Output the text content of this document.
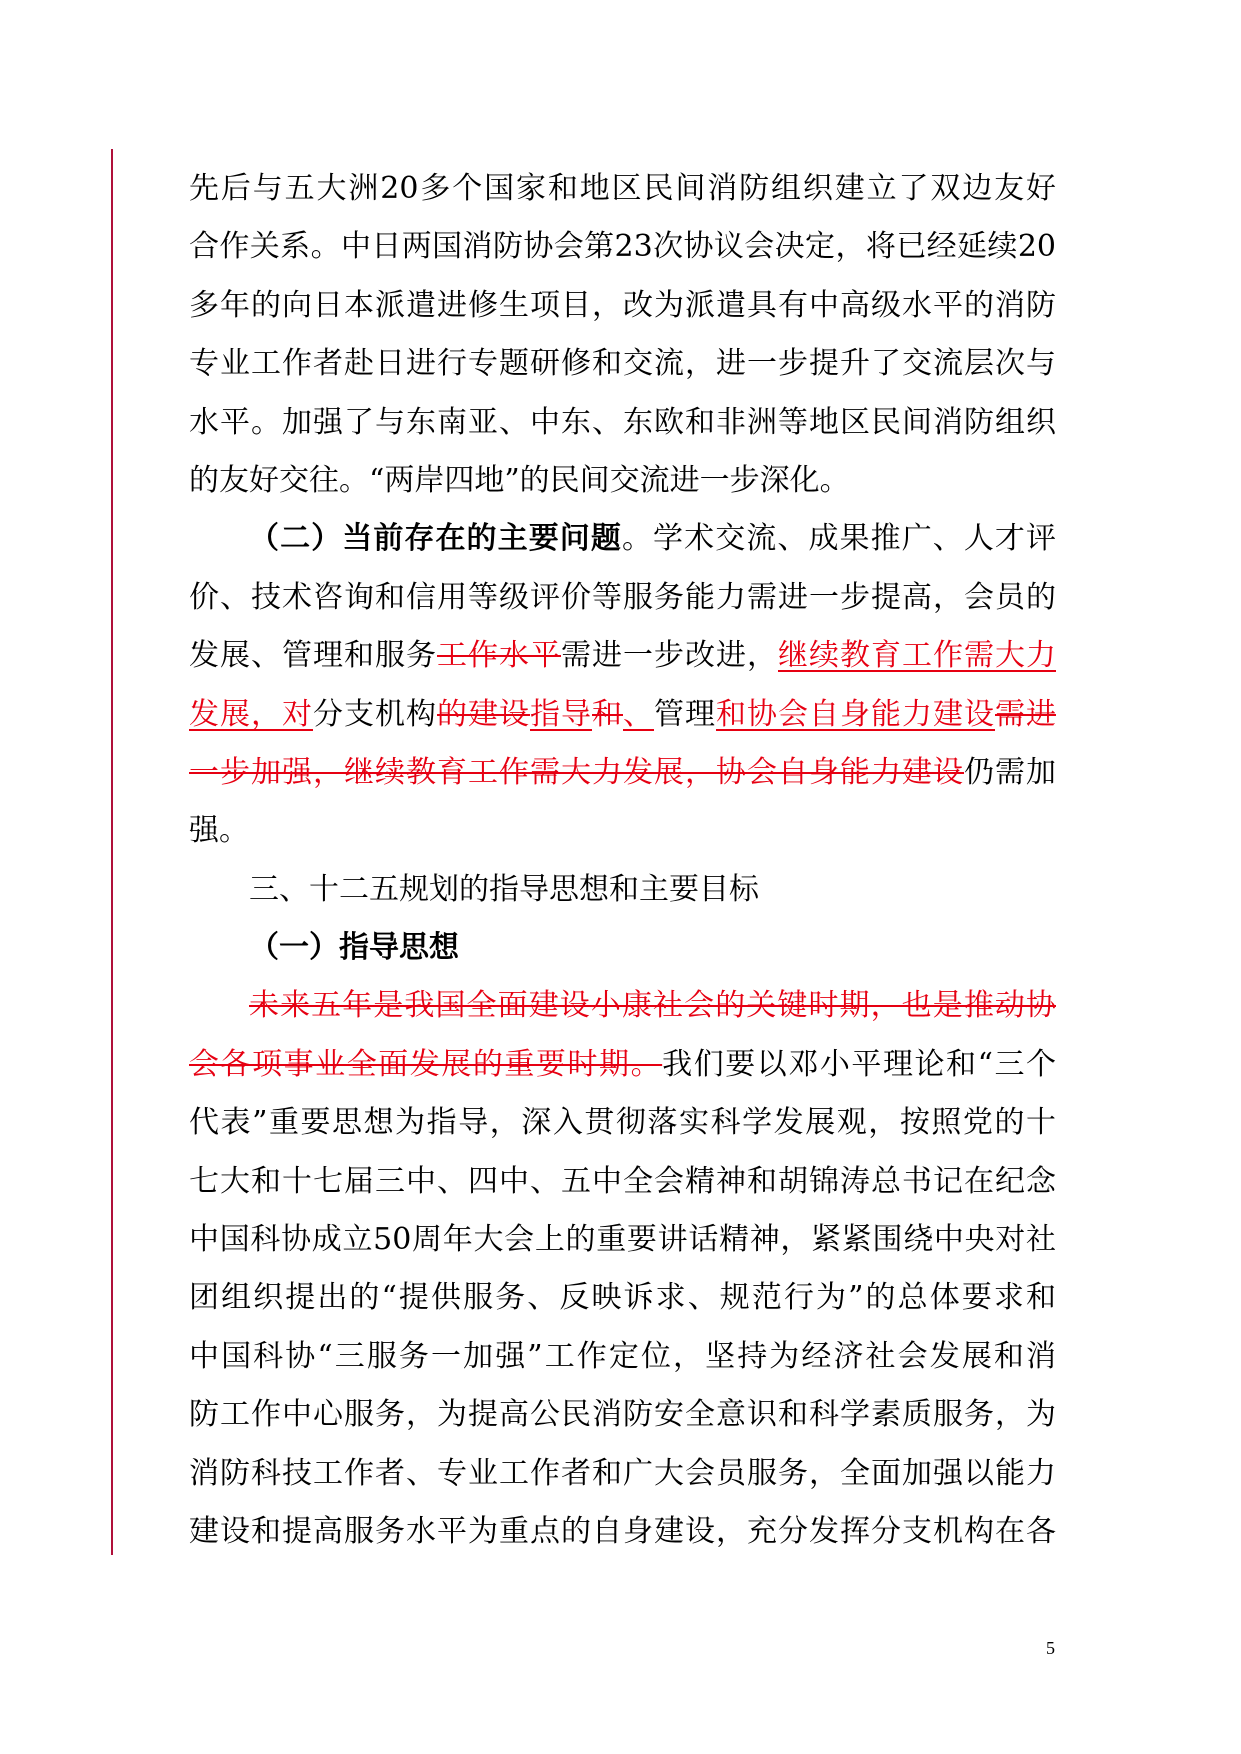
先后与五大洲20多个国家和地区民间消防组织建立了双边友好
合作关系。中日两国消防协会第23次协议会决定，将已经延续20
多年的向日本派遣进修生项目，改为派遣具有中高级水平的消防
专业工作者赴日进行专题研修和交流，进一步提升了交流层次与
水平。加强了与东南亚、中东、东欧和非洲等地区民间消防组织
的友好交往。“两岸四地”的民间交流进一步深化。
（二）当前存在的主要问题。学术交流、成果推广、人才评
价、技术咨询和信用等级评价等服务能力需进一步提高，会员的
发展、管理和服务工作水平需进一步改进，继续教育工作需大力
发展，对分支机构的建设指导和、管理和协会自身能力建设需进
一步加强，继续教育工作需大力发展，协会自身能力建设仍需加
强。
三、十二五规划的指导思想和主要目标
（一）指导思想
未来五年是我国全面建设小康社会的关键时期，也是推动协
会各项事业全面发展的重要时期。我们要以邓小平理论和“三个
代表”重要思想为指导，深入贯彻落实科学发展观，按照党的十
七大和十七届三中、四中、五中全会精神和胡锦涛总书记在纪念
中国科协成立50周年大会上的重要讲话精神，紧紧围绕中央对社
团组织提出的“提供服务、反映诉求、规范行为”的总体要求和
中国科协“三服务一加强”工作定位，坚持为经济社会发展和消
防工作中心服务，为提高公民消防安全意识和科学素质服务，为
消防科技工作者、专业工作者和广大会员服务，全面加强以能力
建设和提高服务水平为重点的自身建设，充分发挥分支机构在各
5
